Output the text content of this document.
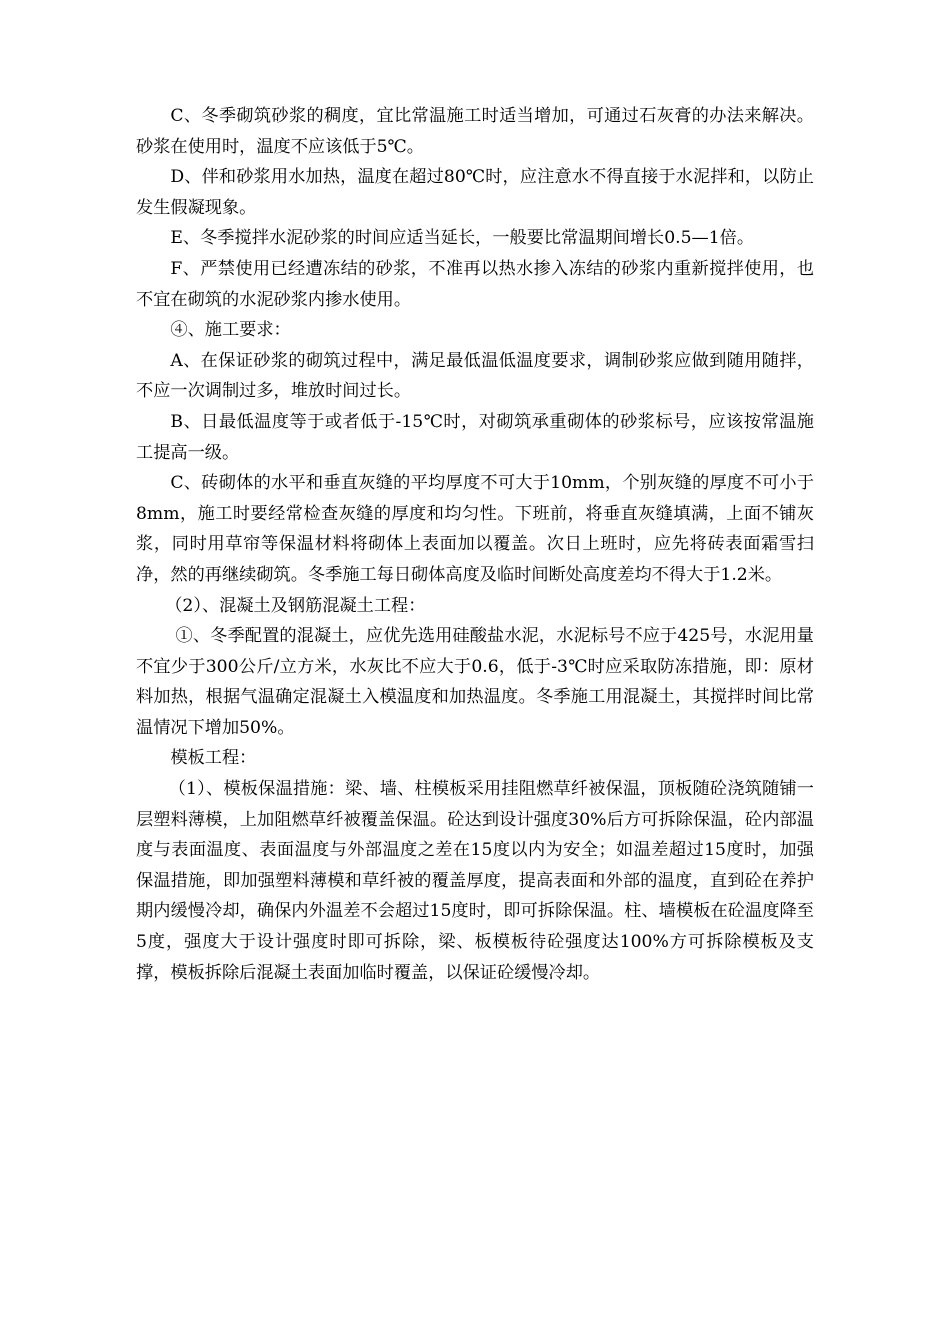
C、冬季砌筑砂浆的稠度，宜比常温施工时适当增加，可通过石灰膏的办法来解决。砂浆在使用时，温度不应该低于5℃。

D、伴和砂浆用水加热，温度在超过80℃时，应注意水不得直接于水泥拌和，以防止发生假凝现象。

E、冬季搅拌水泥砂浆的时间应适当延长，一般要比常温期间增长0.5—1倍。

F、严禁使用已经遭冻结的砂浆，不准再以热水掺入冻结的砂浆内重新搅拌使用，也不宜在砌筑的水泥砂浆内掺水使用。

④、施工要求：

A、在保证砂浆的砌筑过程中，满足最低温低温度要求，调制砂浆应做到随用随拌，不应一次调制过多，堆放时间过长。

B、日最低温度等于或者低于-15℃时，对砌筑承重砌体的砂浆标号，应该按常温施工提高一级。

C、砖砌体的水平和垂直灰缝的平均厚度不可大于10mm，个别灰缝的厚度不可小于8mm，施工时要经常检查灰缝的厚度和均匀性。下班前，将垂直灰缝填满，上面不铺灰浆，同时用草帘等保温材料将砌体上表面加以覆盖。次日上班时，应先将砖表面霜雪扫净，然的再继续砌筑。冬季施工每日砌体高度及临时间断处高度差均不得大于1.2米。

（2）、混凝土及钢筋混凝土工程：

①、冬季配置的混凝土，应优先选用硅酸盐水泥，水泥标号不应于425号，水泥用量不宜少于300公斤/立方米，水灰比不应大于0.6，低于-3℃时应采取防冻措施，即：原材料加热，根据气温确定混凝土入模温度和加热温度。冬季施工用混凝土，其搅拌时间比常温情况下增加50%。

模板工程：

（1）、模板保温措施：梁、墙、柱模板采用挂阻燃草纤被保温，顶板随砼浇筑随铺一层塑料薄模，上加阻燃草纤被覆盖保温。砼达到设计强度30%后方可拆除保温，砼内部温度与表面温度、表面温度与外部温度之差在15度以内为安全；如温差超过15度时，加强保温措施，即加强塑料薄模和草纤被的覆盖厚度，提高表面和外部的温度，直到砼在养护期内缓慢冷却，确保内外温差不会超过15度时，即可拆除保温。柱、墙模板在砼温度降至5度，强度大于设计强度时即可拆除，梁、板模板待砼强度达100%方可拆除模板及支撑，模板拆除后混凝土表面加临时覆盖，以保证砼缓慢冷却。
